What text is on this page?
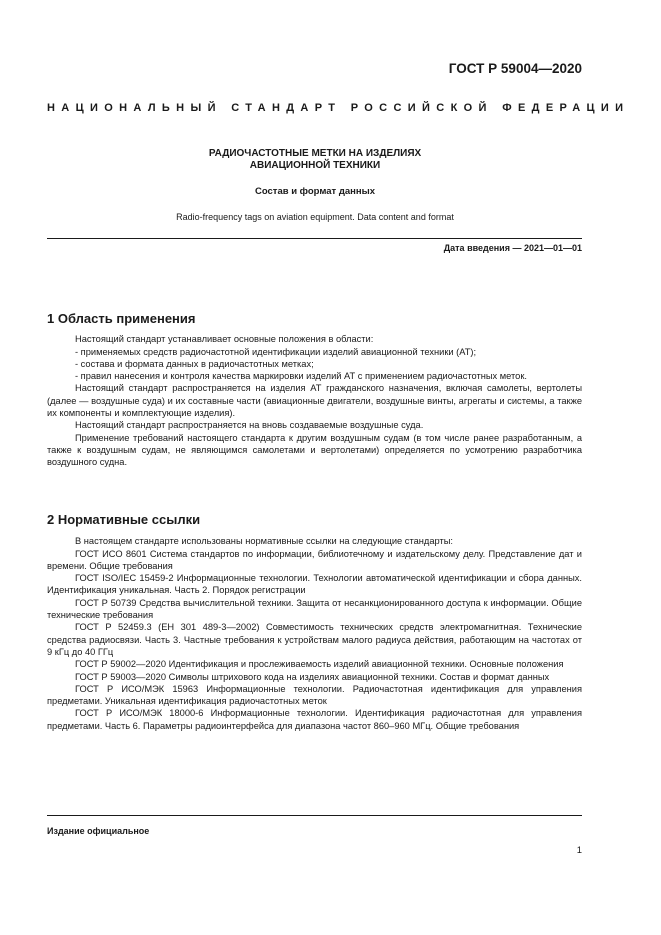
ГОСТ Р 59004—2020
НАЦИОНАЛЬНЫЙ СТАНДАРТ РОССИЙСКОЙ ФЕДЕРАЦИИ
РАДИОЧАСТОТНЫЕ МЕТКИ НА ИЗДЕЛИЯХ
АВИАЦИОННОЙ ТЕХНИКИ
Состав и формат данных
Radio-frequency tags on aviation equipment. Data content and format
Дата введения — 2021—01—01
1 Область применения

Настоящий стандарт устанавливает основные положения в области:

- применяемых средств радиочастотной идентификации изделий авиационной техники (АТ);

- состава и формата данных в радиочастотных метках;

- правил нанесения и контроля качества маркировки изделий АТ с применением радиочастотных меток.

Настоящий стандарт распространяется на изделия АТ гражданского назначения, включая самолеты, вертолеты (далее — воздушные суда) и их составные части (авиационные двигатели, воздушные винты, агрегаты и системы, а также их компоненты и комплектующие изделия).

Настоящий стандарт распространяется на вновь создаваемые воздушные суда.

Применение требований настоящего стандарта к другим воздушным судам (в том числе ранее разработанным, а также к воздушным судам, не являющимся самолетами и вертолетами) определяется по усмотрению разработчика воздушного судна.

2 Нормативные ссылки

В настоящем стандарте использованы нормативные ссылки на следующие стандарты:

ГОСТ ИСО 8601 Система стандартов по информации, библиотечному и издательскому делу. Представление дат и времени. Общие требования

ГОСТ ISO/IEC 15459-2 Информационные технологии. Технологии автоматической идентификации и сбора данных. Идентификация уникальная. Часть 2. Порядок регистрации

ГОСТ Р 50739 Средства вычислительной техники. Защита от несанкционированного доступа к информации. Общие технические требования

ГОСТ Р 52459.3 (ЕН 301 489-3—2002) Совместимость технических средств электромагнитная. Технические средства радиосвязи. Часть 3. Частные требования к устройствам малого радиуса действия, работающим на частотах от 9 кГц до 40 ГГц

ГОСТ Р 59002—2020 Идентификация и прослеживаемость изделий авиационной техники. Основные положения

ГОСТ Р 59003—2020 Символы штрихового кода на изделиях авиационной техники. Состав и формат данных

ГОСТ Р ИСО/МЭК 15963 Информационные технологии. Радиочастотная идентификация для управления предметами. Уникальная идентификация радиочастотных меток

ГОСТ Р ИСО/МЭК 18000-6 Информационные технологии. Идентификация радиочастотная для управления предметами. Часть 6. Параметры радиоинтерфейса для диапазона частот 860–960 МГц. Общие требования

Издание официальное
1
